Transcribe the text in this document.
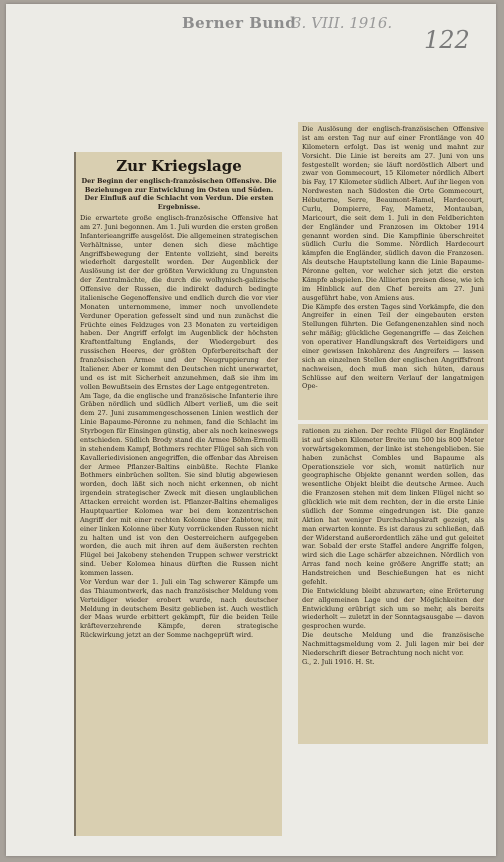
Berner Bund
3. VIII. 1916.
122
Zur Kriegslage

Der Beginn der englisch-französischen Offensive. Die Beziehungen zur Entwicklung im Osten und Süden. Der Einfluß auf die Schlacht von Verdun. Die ersten Ergebnisse.

Die erwartete große englisch-französische Offensive hat am 27. Juni begonnen. Am 1. Juli wurden die ersten großen Infanterieangriffe ausgelöst. Die allgemeinen strategischen Verhältnisse, unter denen sich diese mächtige Angriffsbewegung der Entente vollzieht, sind bereits wiederholt dargestellt worden. Der Augenblick der Auslösung ist der der größten Verwicklung zu Ungunsten der Zentralmächte, die durch die wolhynisch-galizische Offensive der Russen, die indirekt dadurch bedingte italienische Gegenoffensive und endlich durch die vor vier Monaten unternommene, immer noch unvollendete Verduner Operation gefesselt sind und nun zunächst die Früchte eines Feldzuges von 23 Monaten zu verteidigen haben. Der Angriff erfolgt im Augenblick der höchsten Kraftentfaltung Englands, der Wiedergeburt des russischen Heeres, der größten Opferbereitschaft der französischen Armee und der Neugruppierung der Italiener. Aber er kommt den Deutschen nicht unerwartet, und es ist mit Sicherheit anzunehmen, daß sie ihm im vollen Bewußtsein des Ernstes der Lage entgegentreten.

Am Tage, da die englische und französische Infanterie ihre Gräben nördlich und südlich Albert verließ, um die seit dem 27. Juni zusammengeschossenen Linien westlich der Linie Bapaume-Péronne zu nehmen, fand die Schlacht im Styrbogen für Einsingen günstig, aber als noch keineswegs entschieden. Südlich Brody stand die Armee Böhm-Ermolli in stehendem Kampf, Bothmers rechter Flügel sah sich von Kavalleriedivisionen angegriffen, die offenbar das Abreisen der Armee Pflanzer-Baltins einbüßte. Rechte Flanke Bothmers einbrüchen sollten. Sie sind blutig abgewiesen worden, doch läßt sich noch nicht erkennen, ob nicht irgendein strategischer Zweck mit diesen unglaublichen Attacken erreicht worden ist. Pflanzer-Baltins ehemaliges Hauptquartier Kolomea war bei dem konzentrischen Angriff der mit einer rechten Kolonne über Zabłotow, mit einer linken Kolonne über Kuty vorrückenden Russen nicht zu halten und ist von den Oesterreichern aufgegeben worden, die auch mit ihren auf dem äußersten rechten Flügel bei Jakobeny stehenden Truppen schwer verstrickt sind. Ueber Kolomea hinaus dürften die Russen nicht kommen lassen.

Vor Verdun war der 1. Juli ein Tag schwerer Kämpfe um das Thiaumontwerk, das nach französischer Meldung vom Verteidiger wieder erobert wurde, nach deutscher Meldung in deutschem Besitz geblieben ist. Auch westlich der Maas wurde erbittert gekämpft, für die beiden Teile kräfteverzehrende Kämpfe, deren strategische Rückwirkung jetzt an der Somme nachgeprüft wird.

Die Auslösung der englisch-französischen Offensive ist am ersten Tag nur auf einer Frontlänge von 40 Kilometern erfolgt. Das ist wenig und mahnt zur Vorsicht. Die Linie ist bereits am 27. Juni von uns festgestellt worden; sie läuft nordöstlich Albert und zwar von Gommecourt, 15 Kilometer nördlich Albert bis Fay, 17 Kilometer südlich Albert. Auf ihr liegen von Nordwesten nach Südosten die Orte Gommecourt, Hébuterne, Serre, Beaumont-Hamel, Hardecourt, Curlu, Dompierre, Fay, Mametz, Montauban, Maricourt, die seit dem 1. Juli in den Feldberichten der Engländer und Franzosen im Oktober 1914 genannt worden sind. Die Kampflinie überschreitet südlich Curlu die Somme. Nördlich Hardecourt kämpfen die Engländer, südlich davon die Franzosen. Als deutsche Hauptstellung kann die Linie Bapaume-Péronne gelten, vor welcher sich jetzt die ersten Kämpfe abspielen. Die Alliierten preisen diese, wie ich im Hinblick auf den Chef bereits am 27. Juni ausgeführt habe, von Amiens aus.

Die Kämpfe des ersten Tages sind Vorkämpfe, die den Angreifer in einen Teil der eingebauten ersten Stellungen führten. Die Gefangenenzahlen sind noch sehr mäßig; glückliche Gegenangriffe — das Zeichen von operativer Handlungskraft des Verteidigers und einer gewissen Inkohärenz des Angreifers — lassen sich an einzelnen Stellen der englischen Angriffsfront nachweisen, doch muß man sich hüten, daraus Schlüsse auf den weitern Verlauf der langatmigen Ope-

rationen zu ziehen. Der rechte Flügel der Engländer ist auf sieben Kilometer Breite um 500 bis 800 Meter vorwärtsgekommen, der linke ist stehengeblieben. Sie haben zunächst Combles und Bapaume als Operationsziele vor sich, womit natürlich nur geographische Objekte genannt werden sollen, das wesentliche Objekt bleibt die deutsche Armee. Auch die Franzosen stehen mit dem linken Flügel nicht so glücklich wie mit dem rechten, der in die erste Linie südlich der Somme eingedrungen ist. Die ganze Aktion hat weniger Durchschlagskraft gezeigt, als man erwarten konnte. Es ist daraus zu schließen, daß der Widerstand außerordentlich zähe und gut geleitet war. Sobald der erste Staffel andere Angriffe folgen, wird sich die Lage schärfer abzeichnen. Nördlich von Arras fand noch keine größere Angriffe statt; an Handstreichen und Beschießungen hat es nicht gefehlt.

Die Entwicklung bleibt abzuwarten; eine Erörterung der allgemeinen Lage und der Möglichkeiten der Entwicklung erübrigt sich um so mehr, als bereits wiederholt — zuletzt in der Sonntagsausgabe — davon gesprochen wurde.

Die deutsche Meldung und die französische Nachmittagsmeldung vom 2. Juli lagen mir bei der Niederschrift dieser Betrachtung noch nicht vor.

G., 2. Juli 1916. H. St.
